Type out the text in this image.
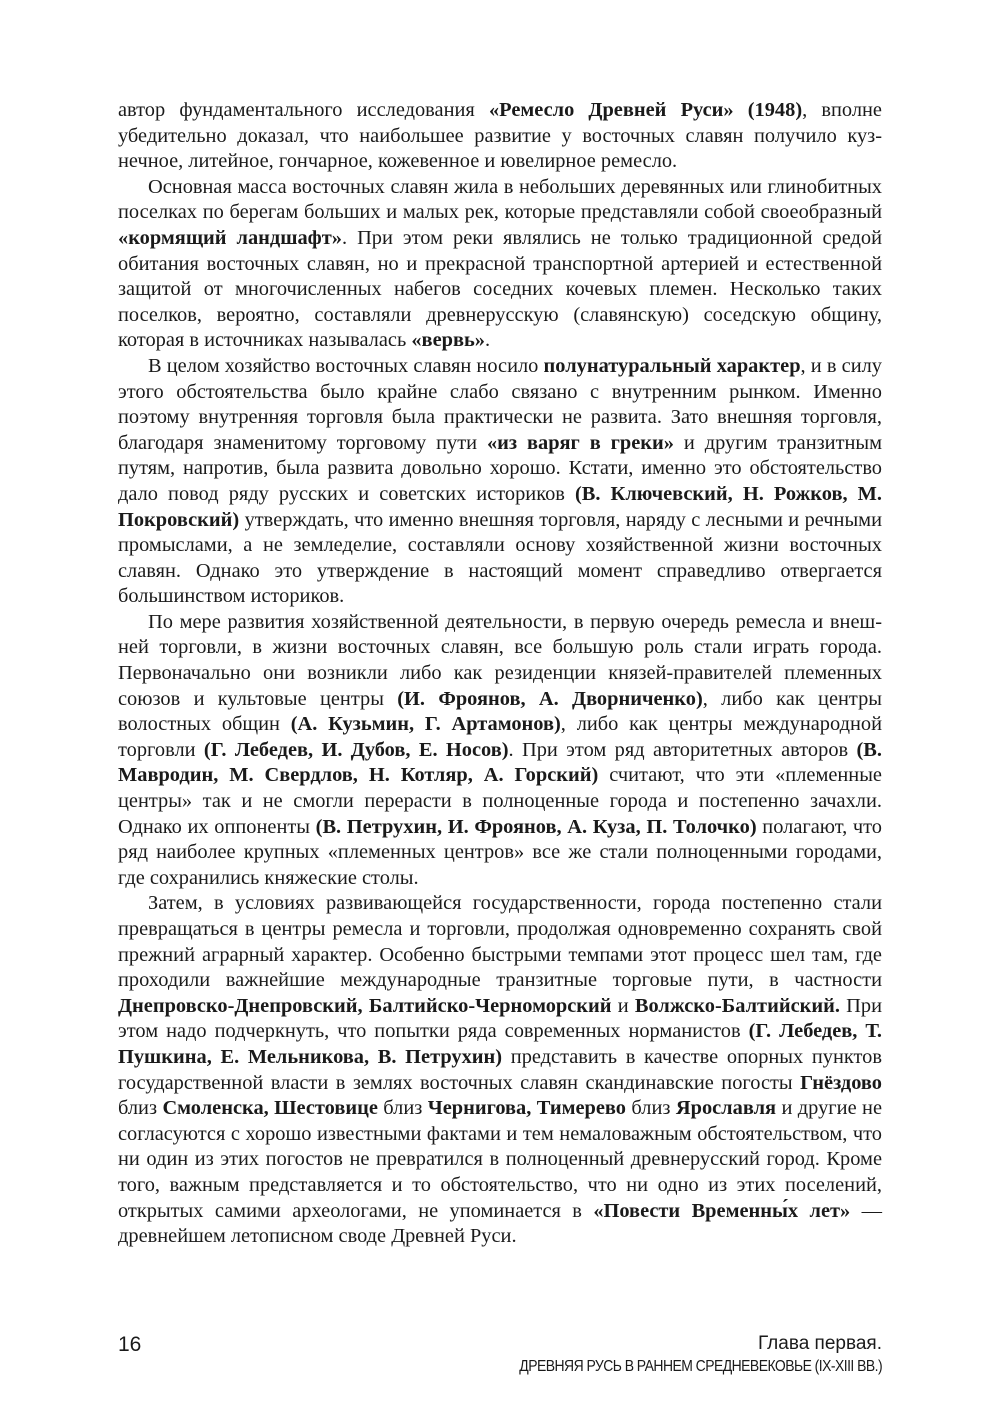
автор фундаментального исследования «Ремесло Древней Руси» (1948), вполне убедительно доказал, что наибольшее развитие у восточных славян получило кузнечное, литейное, гончарное, кожевенное и ювелирное ремесло.

Основная масса восточных славян жила в небольших деревянных или глинобитных поселках по берегам больших и малых рек, которые представляли собой своеобразный «кормящий ландшафт». При этом реки являлись не только традиционной средой обитания восточных славян, но и прекрасной транспортной артерией и естественной защитой от многочисленных набегов соседних кочевых племен. Несколько таких поселков, вероятно, составляли древнерусскую (славянскую) соседскую общину, которая в источниках называлась «вервь».

В целом хозяйство восточных славян носило полунатуральный характер, и в силу этого обстоятельства было крайне слабо связано с внутренним рынком. Именно поэтому внутренняя торговля была практически не развита. Зато внешняя торговля, благодаря знаменитому торговому пути «из варяг в греки» и другим транзитным путям, напротив, была развита довольно хорошо. Кстати, именно это обстоятельство дало повод ряду русских и советских историков (В. Ключевский, Н. Рожков, М. Покровский) утверждать, что именно внешняя торговля, наряду с лесными и речными промыслами, а не земледелие, составляли основу хозяйственной жизни восточных славян. Однако это утверждение в настоящий момент справедливо отвергается большинством историков.

По мере развития хозяйственной деятельности, в первую очередь ремесла и внешней торговли, в жизни восточных славян, все большую роль стали играть города. Первоначально они возникли либо как резиденции князей-правителей племенных союзов и культовые центры (И. Фроянов, А. Дворниченко), либо как центры волостных общин (А. Кузьмин, Г. Артамонов), либо как центры международной торговли (Г. Лебедев, И. Дубов, Е. Носов). При этом ряд авторитетных авторов (В. Мавродин, М. Свердлов, Н. Котляр, А. Горский) считают, что эти «племенные центры» так и не смогли перерасти в полноценные города и постепенно зачахли. Однако их оппоненты (В. Петрухин, И. Фроянов, А. Куза, П. Толочко) полагают, что ряд наиболее крупных «племенных центров» все же стали полноценными городами, где сохранились княжеские столы.

Затем, в условиях развивающейся государственности, города постепенно стали превращаться в центры ремесла и торговли, продолжая одновременно сохранять свой прежний аграрный характер. Особенно быстрыми темпами этот процесс шел там, где проходили важнейшие международные транзитные торговые пути, в частности Днепровско-Днепровский, Балтийско-Черноморский и Волжско-Балтийский. При этом надо подчеркнуть, что попытки ряда современных норманистов (Г. Лебедев, Т. Пушкина, Е. Мельникова, В. Петрухин) представить в качестве опорных пунктов государственной власти в землях восточных славян скандинавские погосты Гнёздово близ Смоленска, Шестовице близ Чернигова, Тимерево близ Ярославля и другие не согласуются с хорошо известными фактами и тем немаловажным обстоятельством, что ни один из этих погостов не превратился в полноценный древнерусский город. Кроме того, важным представляется и то обстоятельство, что ни одно из этих поселений, открытых самими археологами, не упоминается в «Повести Временны́х лет» — древнейшем летописном своде Древней Руси.

16	Глава первая.
ДРЕВНЯЯ РУСЬ В РАННЕМ СРЕДНЕВЕКОВЬЕ (IX-XIII ВВ.)
